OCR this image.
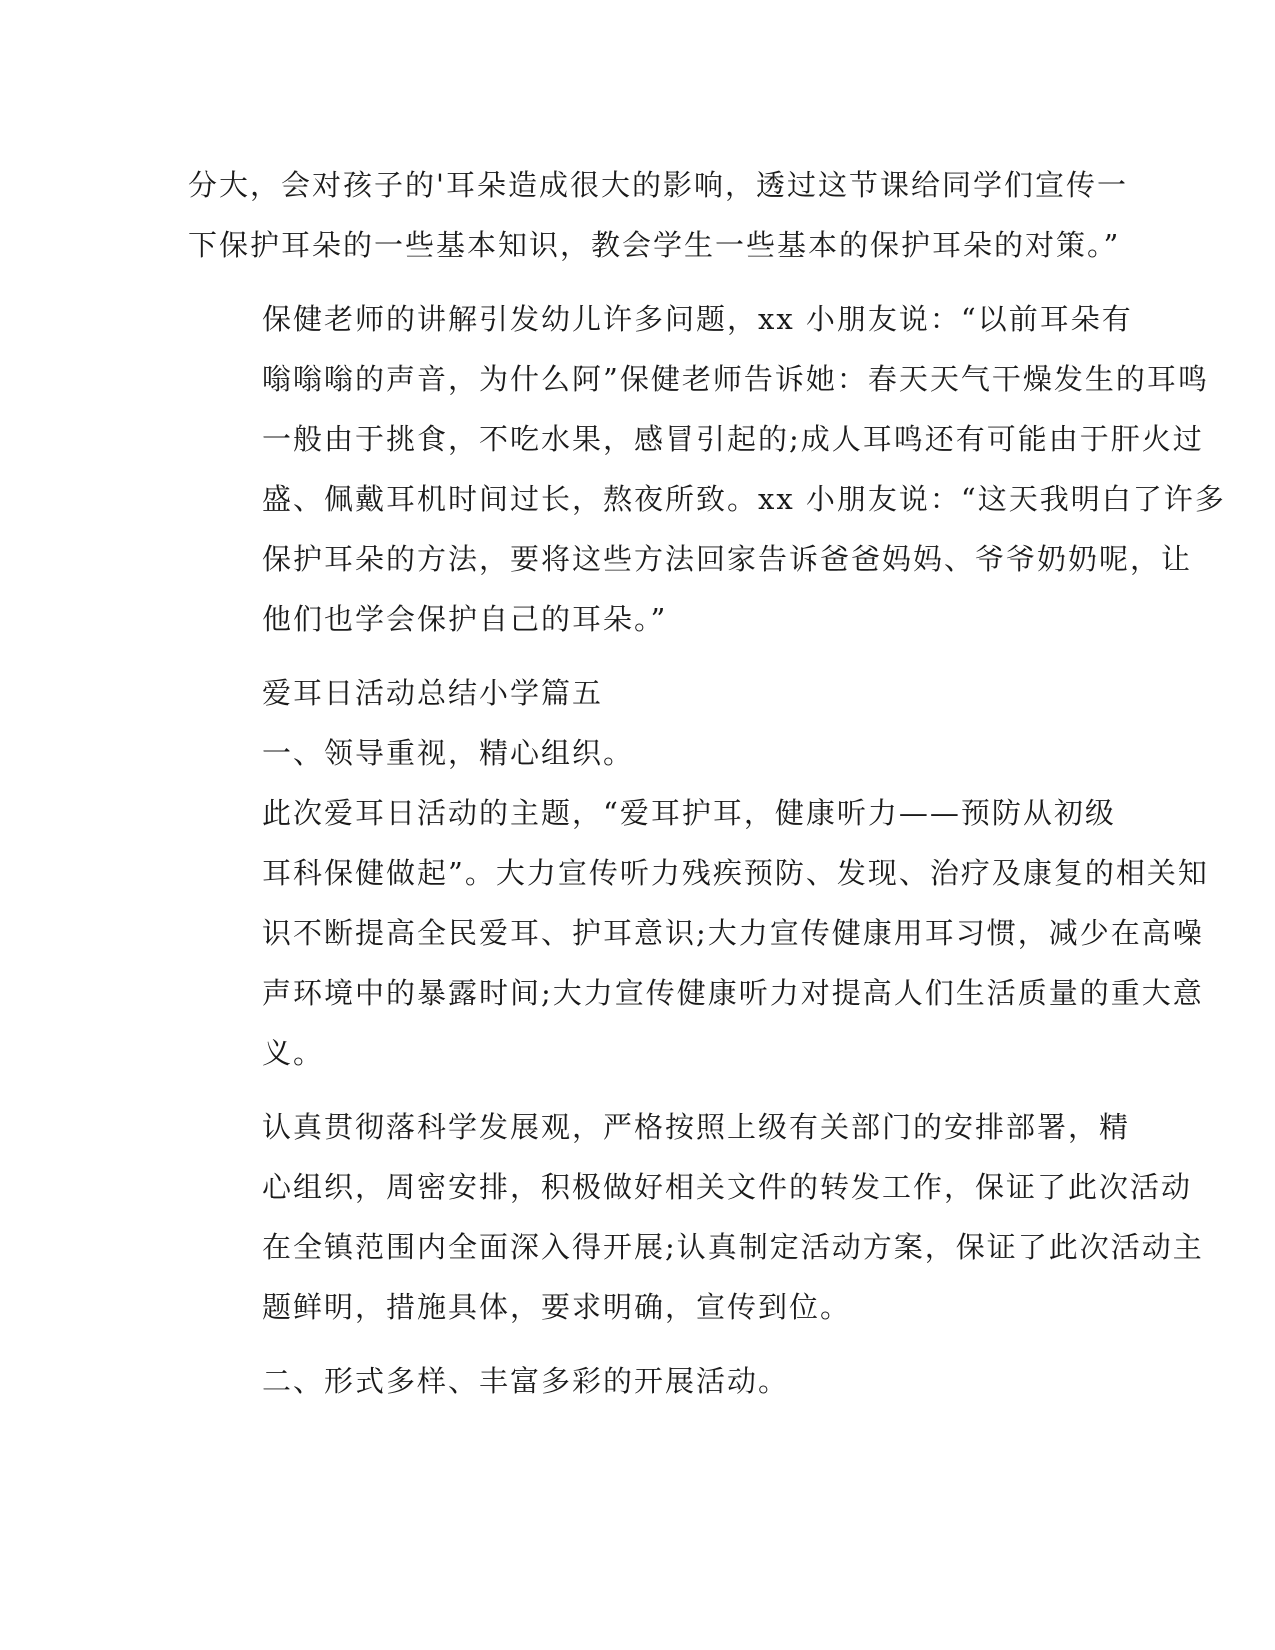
分大，会对孩子的'耳朵造成很大的影响，透过这节课给同学们宣传一
下保护耳朵的一些基本知识，教会学生一些基本的保护耳朵的对策。”

保健老师的讲解引发幼儿许多问题，xx 小朋友说：“以前耳朵有
嗡嗡嗡的声音，为什么阿”保健老师告诉她：春天天气干燥发生的耳鸣
一般由于挑食，不吃水果，感冒引起的;成人耳鸣还有可能由于肝火过
盛、佩戴耳机时间过长，熬夜所致。xx 小朋友说：“这天我明白了许多
保护耳朵的方法，要将这些方法回家告诉爸爸妈妈、爷爷奶奶呢，让
他们也学会保护自己的耳朵。”

爱耳日活动总结小学篇五

一、领导重视，精心组织。

此次爱耳日活动的主题，“爱耳护耳，健康听力——预防从初级
耳科保健做起”。大力宣传听力残疾预防、发现、治疗及康复的相关知
识不断提高全民爱耳、护耳意识;大力宣传健康用耳习惯，减少在高噪
声环境中的暴露时间;大力宣传健康听力对提高人们生活质量的重大意
义。

认真贯彻落科学发展观，严格按照上级有关部门的安排部署，精
心组织，周密安排，积极做好相关文件的转发工作，保证了此次活动
在全镇范围内全面深入得开展;认真制定活动方案，保证了此次活动主
题鲜明，措施具体，要求明确，宣传到位。

二、形式多样、丰富多彩的开展活动。
